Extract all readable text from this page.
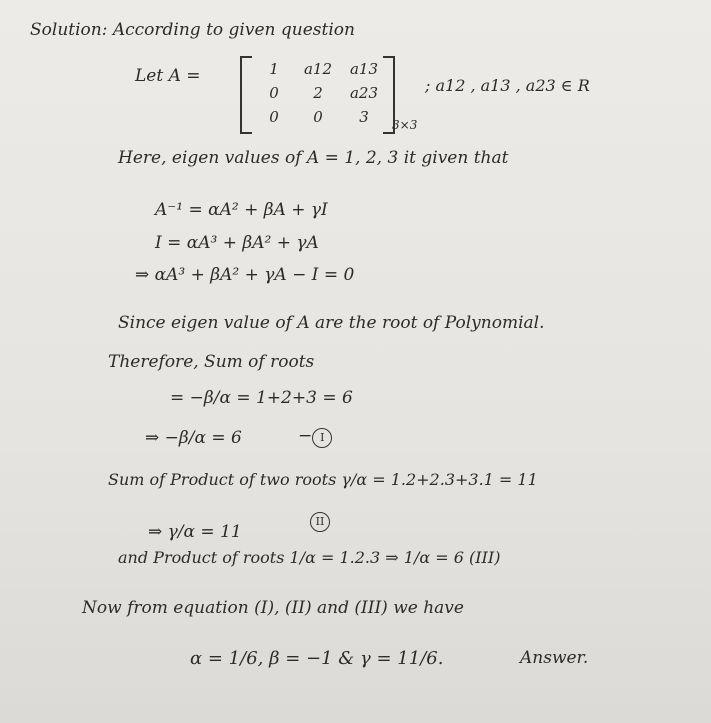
Solution: According to given question
Let A =	1	a12	a13
0	2	a23
0	0	3	3×3
; a12 , a13 , a23 ∈ R
Here, eigen values of A = 1, 2, 3 it given that
A⁻¹ = αA² + βA + γI
I = αA³ + βA² + γA
⇒ αA³ + βA² + γA − I = 0
Since eigen value of A are the root of Polynomial.
Therefore, Sum of roots
= −β/α = 1+2+3 = 6
⇒ −β/α = 6	− I
Sum of Product of two roots γ/α = 1.2+2.3+3.1 = 11
⇒ γ/α = 11
II
and Product of roots 1/α = 1.2.3 ⇒ 1/α = 6 (III)
Now from equation (I), (II) and (III) we have
α = 1/6, β = −1 & γ = 11/6.	Answer.
